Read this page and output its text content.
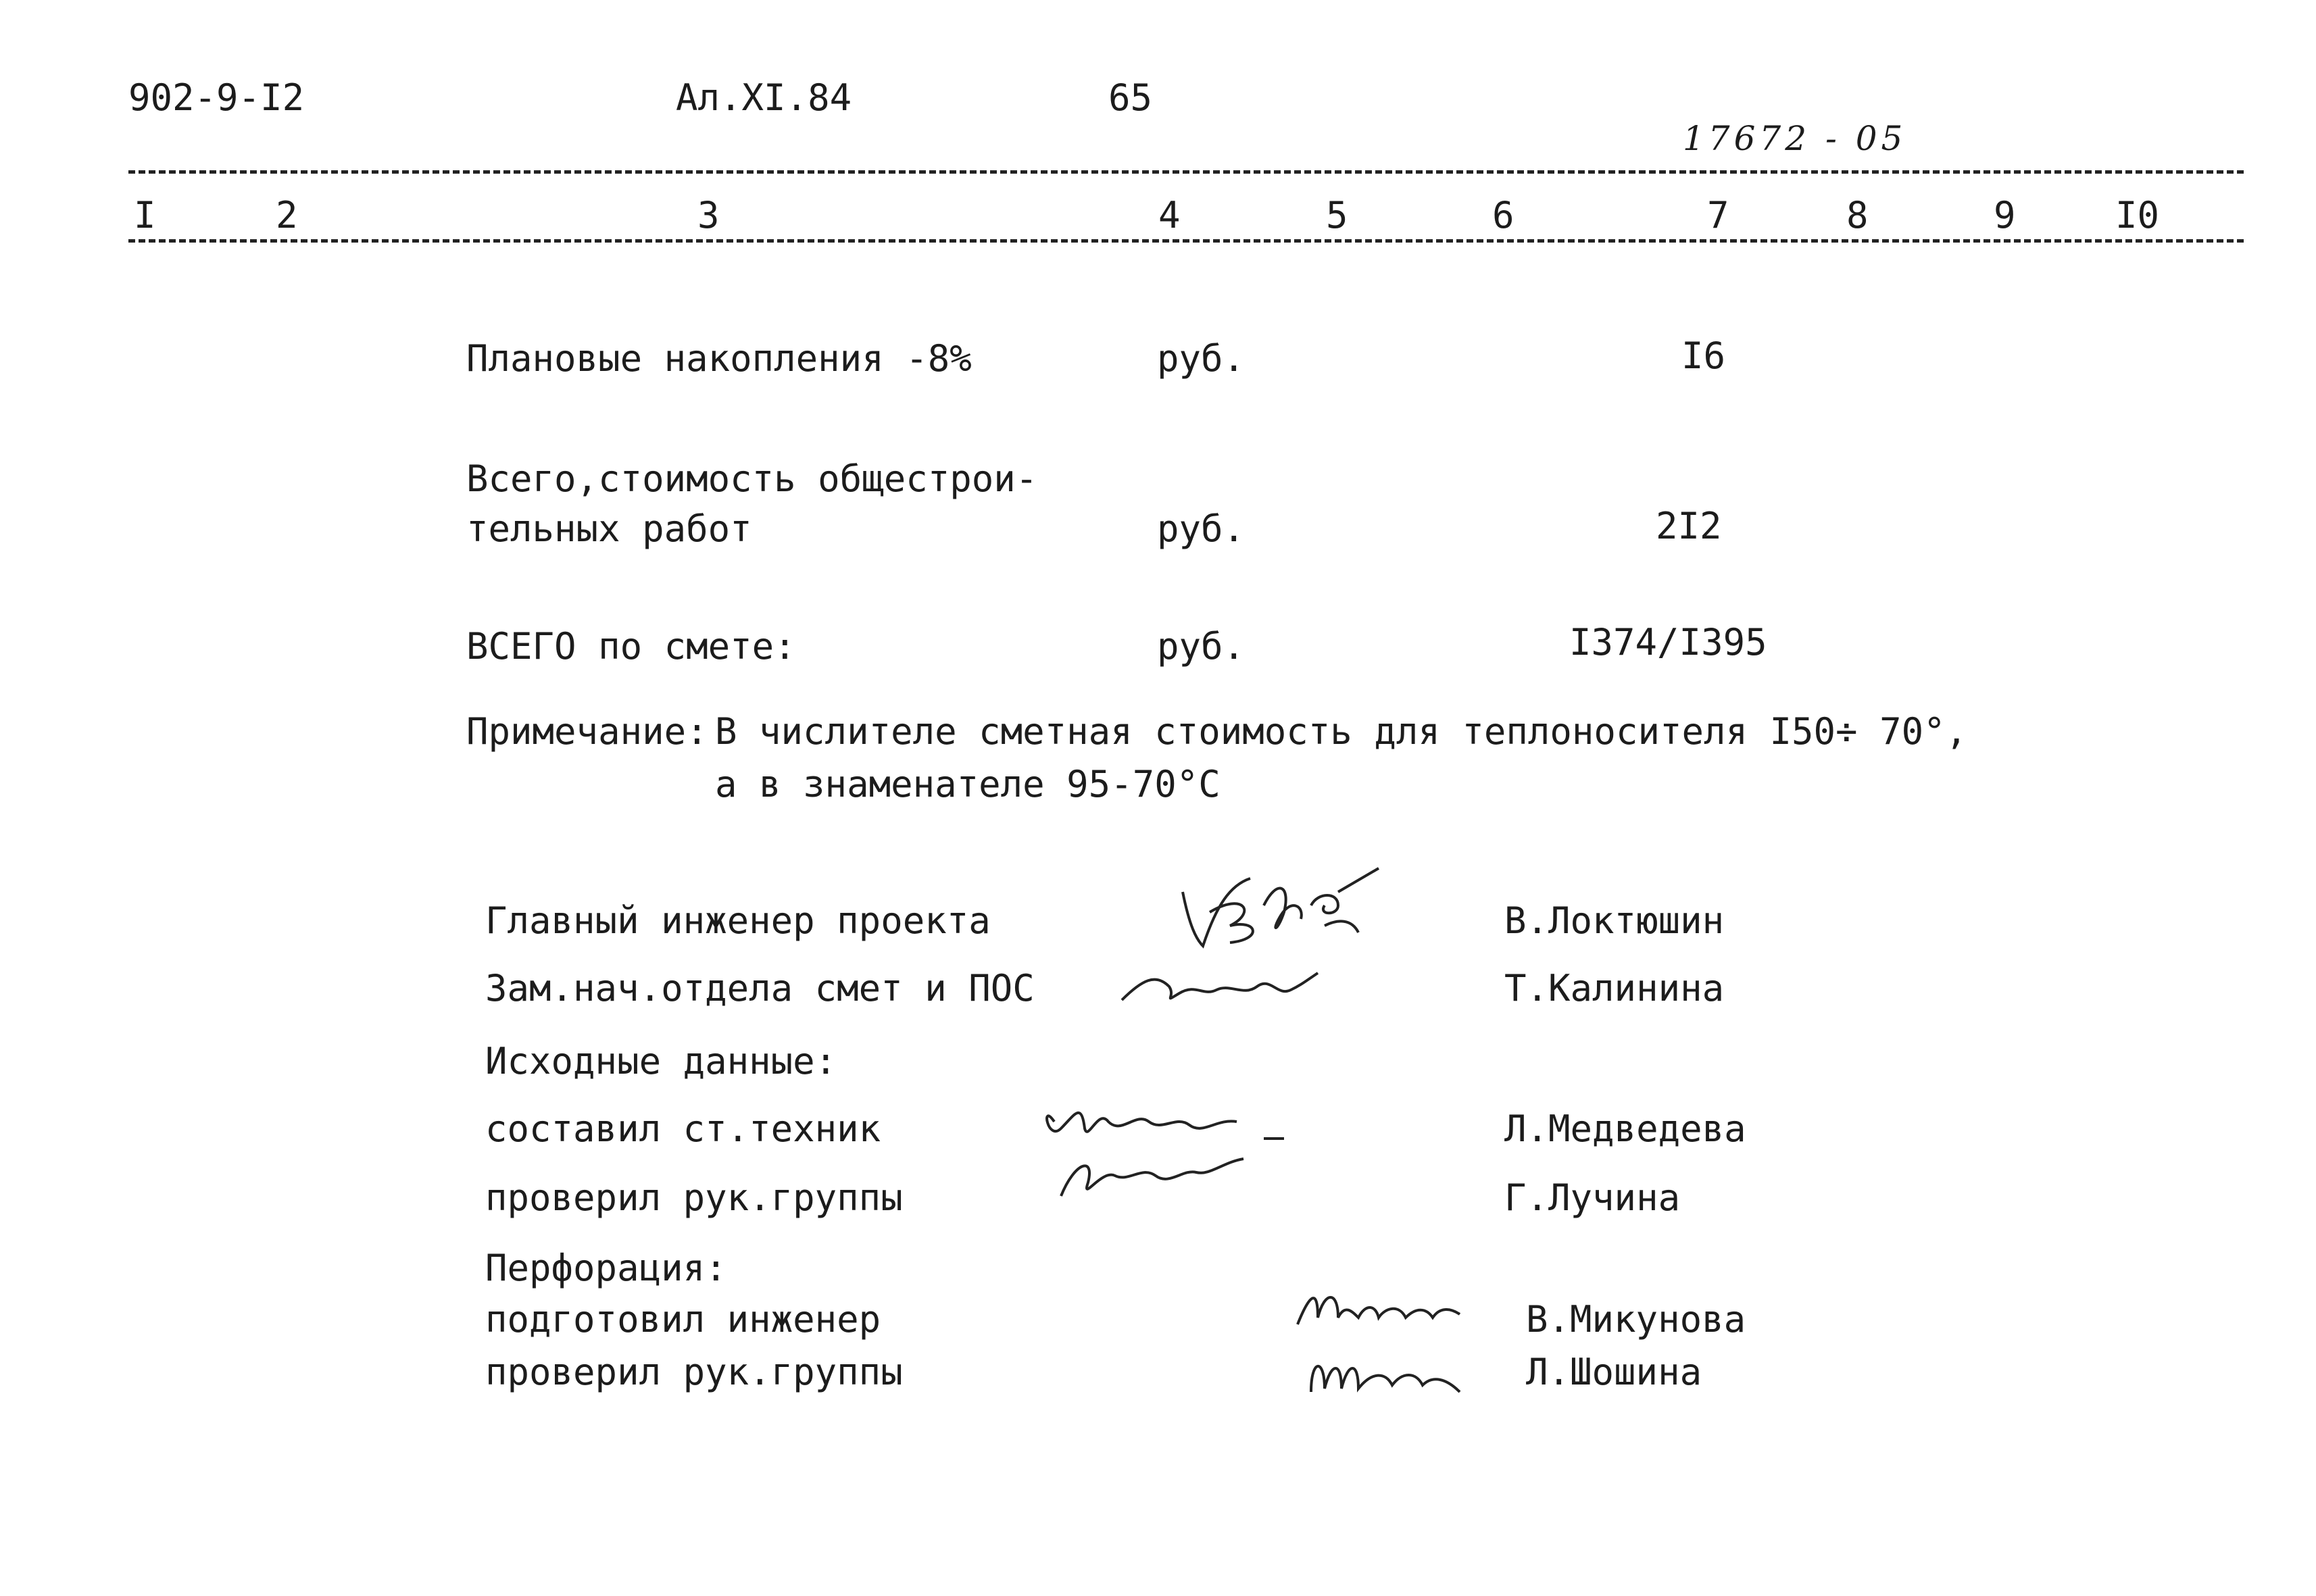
902-9-I2	Ал.XI.84	65
17672 - 05
I	2	3	4	5	6	7	8	9	I0
Плановые накопления -8%	руб.	I6
Всего,стоимость общестрои-
тельных работ	руб.	2I2
ВСЕГО по смете:	руб.	I374/I395
Примечание: В числителе сметная стоимость для теплоносителя I50÷ 70°,
а в знаменателе 95-70°С
Главный инженер проекта	В.Локтюшин
Зам.нач.отдела смет и ПОС	Т.Калинина
Исходные данные:
составил ст.техник	Л.Медведева
проверил рук.группы	Г.Лучина
Перфорация:
подготовил инженер	В.Микунова
проверил рук.группы	Л.Шошина
